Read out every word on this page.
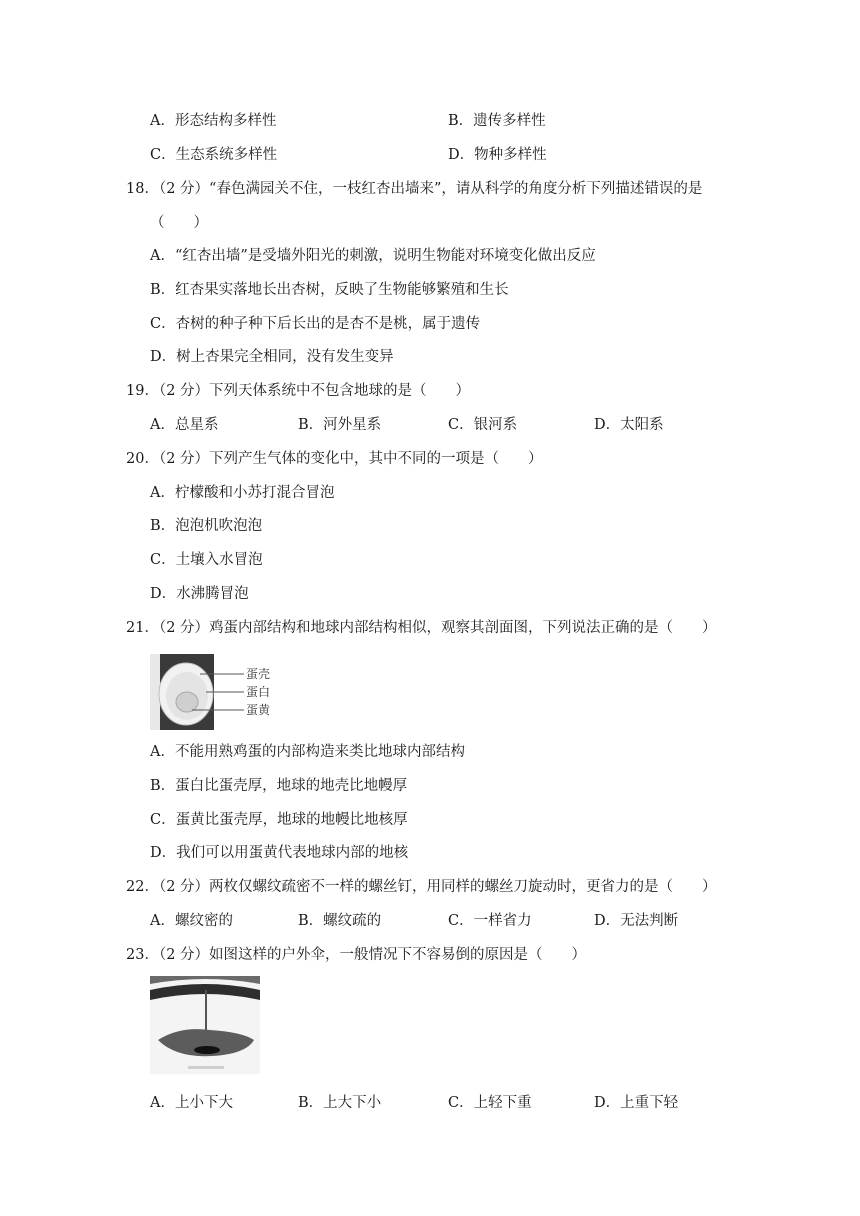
A．形态结构多样性	B．遗传多样性
C．生态系统多样性	D．物种多样性
18．（2 分）“春色满园关不住，一枝红杏出墙来”，请从科学的角度分析下列描述错误的是
（　　）
A．“红杏出墙”是受墙外阳光的刺激，说明生物能对环境变化做出反应
B．红杏果实落地长出杏树，反映了生物能够繁殖和生长
C．杏树的种子种下后长出的是杏不是桃，属于遗传
D．树上杏果完全相同，没有发生变异
19．（2 分）下列天体系统中不包含地球的是（　　）
A．总星系	B．河外星系	C．银河系	D．太阳系
20．（2 分）下列产生气体的变化中，其中不同的一项是（　　）
A．柠檬酸和小苏打混合冒泡
B．泡泡机吹泡泡
C．土壤入水冒泡
D．水沸腾冒泡
21．（2 分）鸡蛋内部结构和地球内部结构相似，观察其剖面图，下列说法正确的是（　　）
蛋壳
蛋白
蛋黄
A．不能用熟鸡蛋的内部构造来类比地球内部结构
B．蛋白比蛋壳厚，地球的地壳比地幔厚
C．蛋黄比蛋壳厚，地球的地幔比地核厚
D．我们可以用蛋黄代表地球内部的地核
22．（2 分）两枚仅螺纹疏密不一样的螺丝钉，用同样的螺丝刀旋动时，更省力的是（　　）
A．螺纹密的	B．螺纹疏的	C．一样省力	D．无法判断
23．（2 分）如图这样的户外伞，一般情况下不容易倒的原因是（　　）
A．上小下大	B．上大下小	C．上轻下重	D．上重下轻
